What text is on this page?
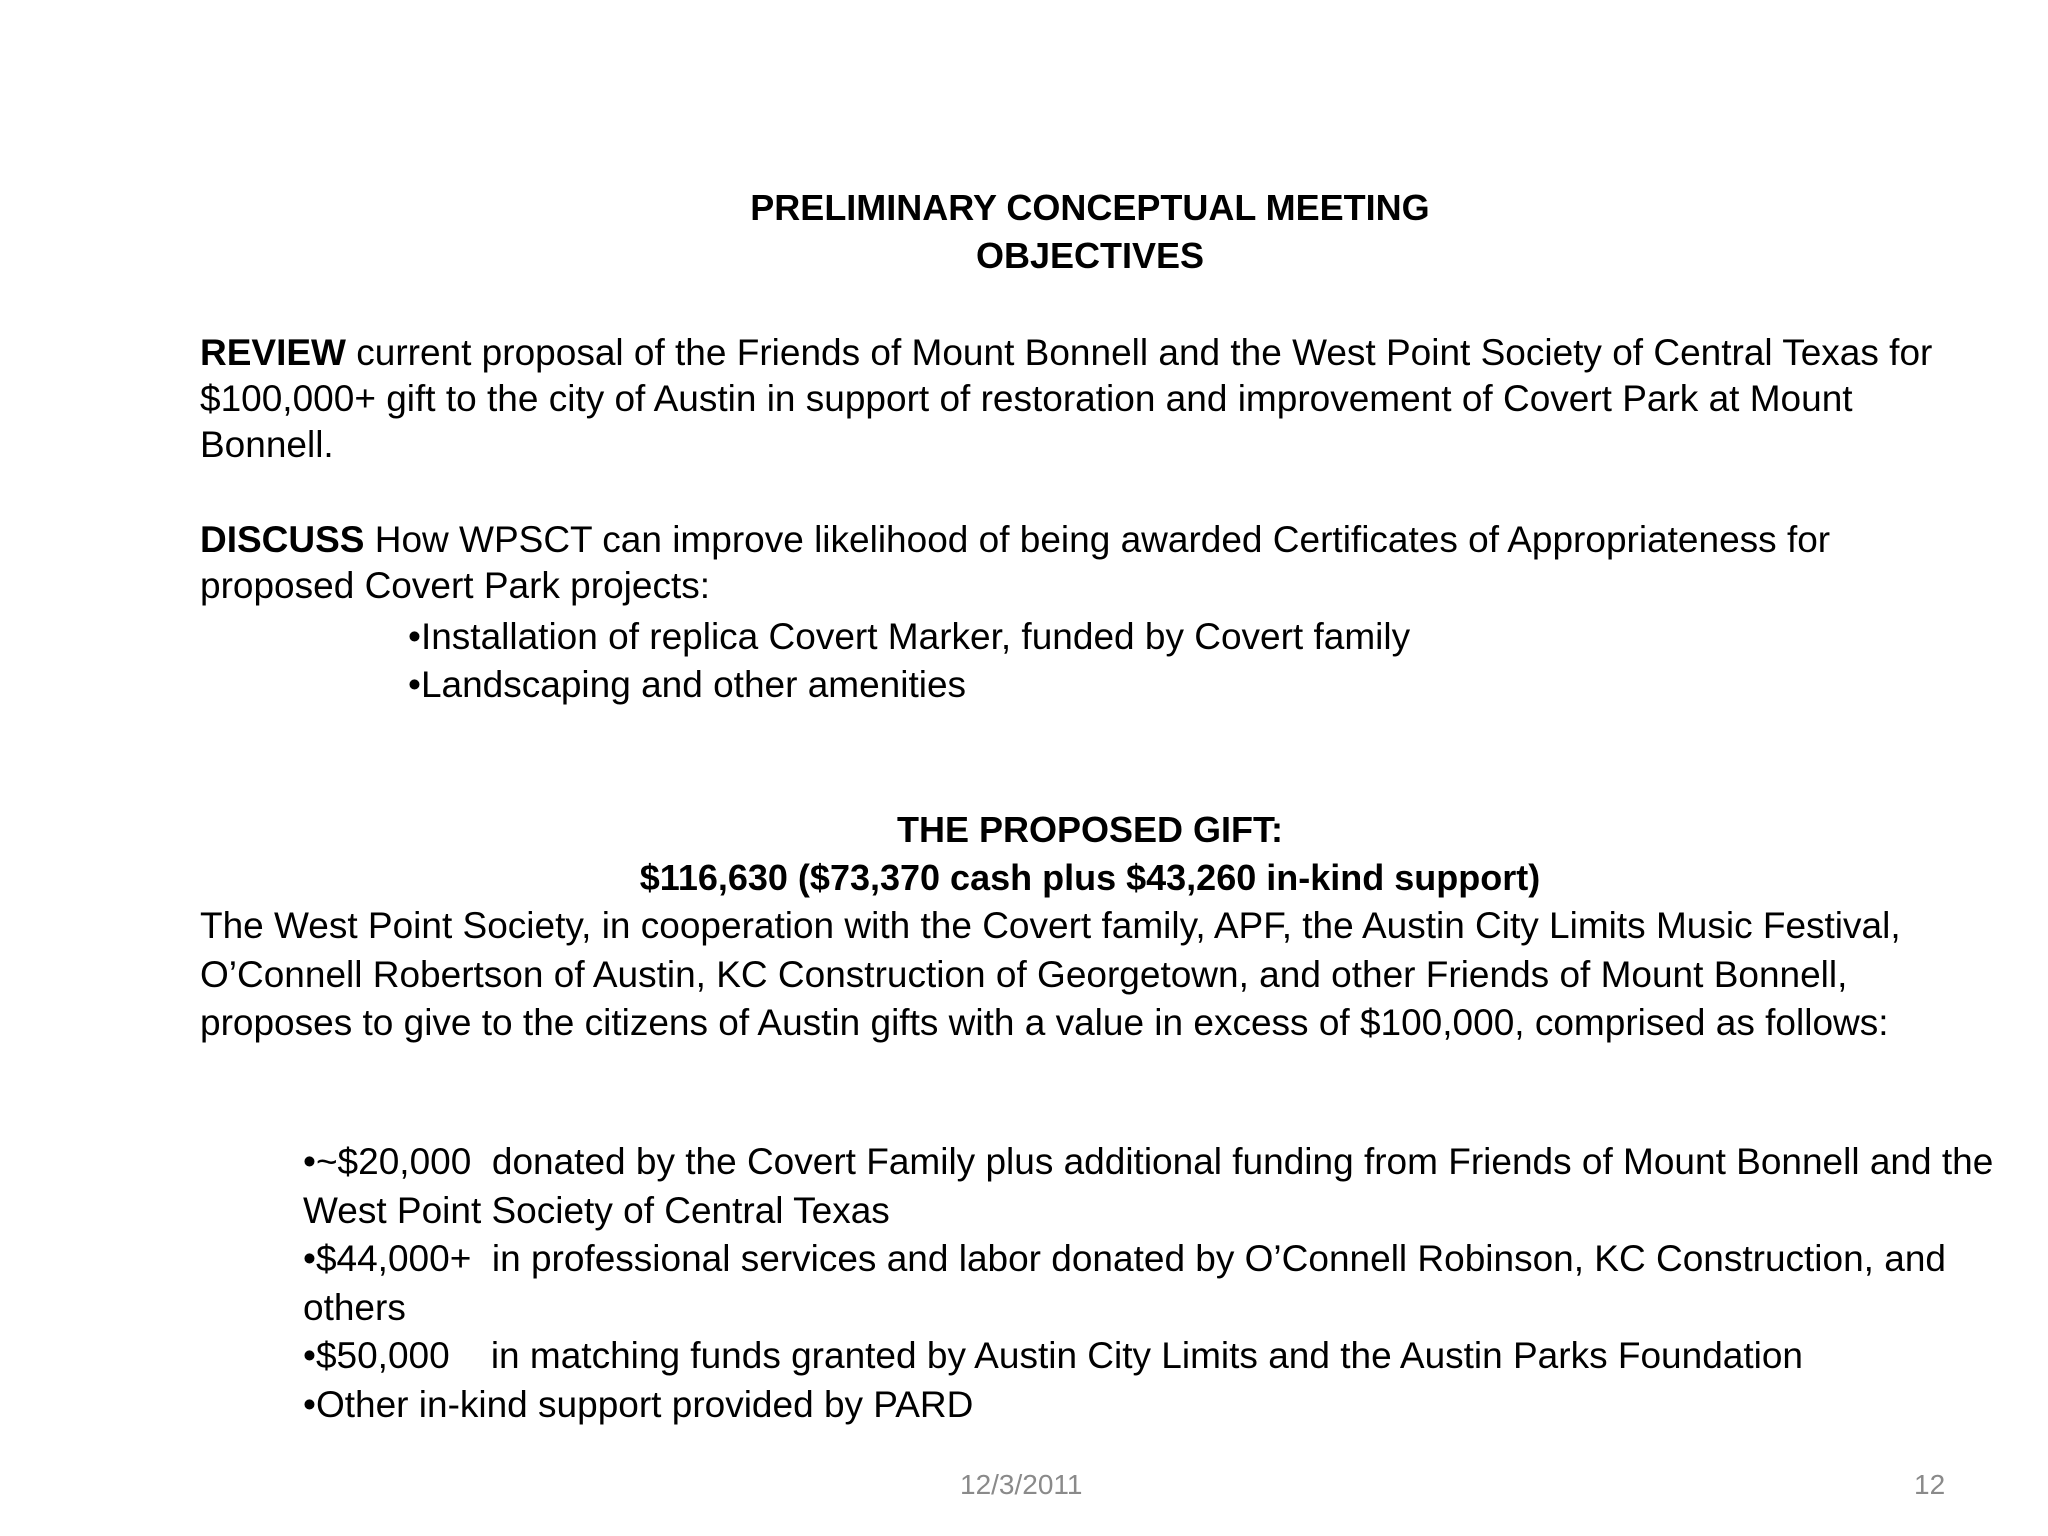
PRELIMINARY CONCEPTUAL MEETING
OBJECTIVES
REVIEW current proposal of the Friends of Mount Bonnell and the West Point Society of Central Texas for $100,000+ gift to the city of Austin in support of restoration and improvement of Covert Park at Mount Bonnell.
DISCUSS How WPSCT can improve likelihood of being awarded Certificates of Appropriateness for proposed Covert Park projects:
•Installation of replica Covert Marker, funded by Covert family
•Landscaping and other amenities
THE PROPOSED GIFT:
$116,630 ($73,370 cash plus $43,260 in-kind support)
The West Point Society, in cooperation with the Covert family, APF, the Austin City Limits Music Festival, O’Connell Robertson of Austin, KC Construction of Georgetown, and other Friends of Mount Bonnell, proposes to give to the citizens of Austin gifts with a value in excess of $100,000, comprised as follows:
•~$20,000  donated by the Covert Family plus additional funding from Friends of Mount Bonnell and the West Point Society of Central Texas
•$44,000+  in professional services and labor donated by O’Connell Robinson, KC Construction, and others
•$50,000    in matching funds granted by Austin City Limits and the Austin Parks Foundation
•Other in-kind support provided by PARD
12/3/2011	12
